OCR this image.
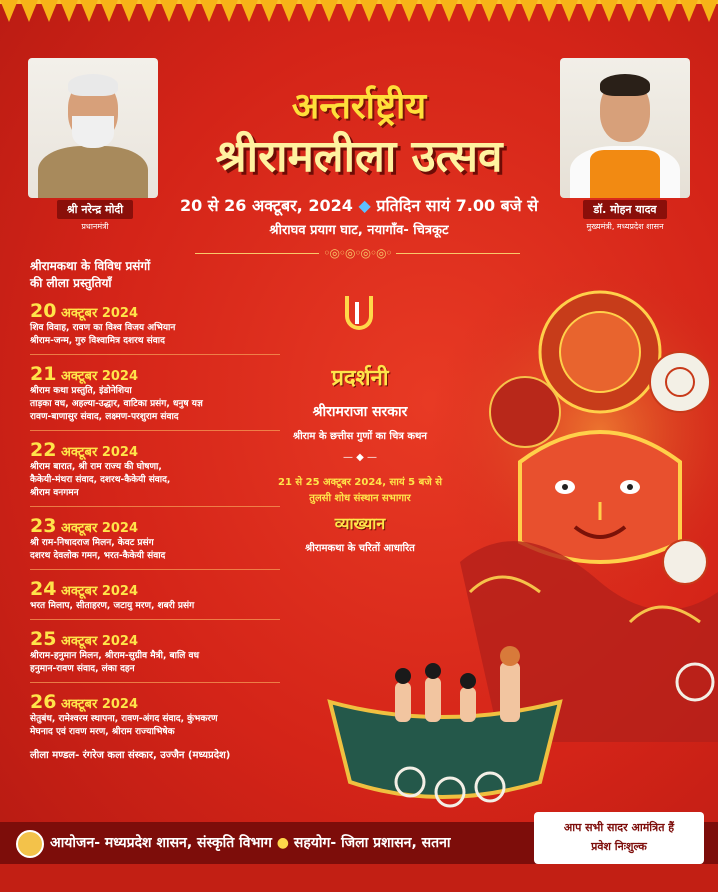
श्री नरेन्द्र मोदी
प्रधानमंत्री
डॉ. मोहन यादव
मुख्यमंत्री, मध्यप्रदेश शासन
अन्तर्राष्ट्रीय
श्रीरामलीला उत्सव
20 से 26 अक्टूबर, 2024 ◆ प्रतिदिन सायं 7.00 बजे से
श्रीराघव प्रयाग घाट, नयागाँव- चित्रकूट
◦◎◦◎◦◎◦◎◦
श्रीरामकथा के विविध प्रसंगों
की लीला प्रस्तुतियाँ
20 अक्टूबर 2024
शिव विवाह, रावण का विश्व विजय अभियान
श्रीराम-जन्म, गुरु विश्वामित्र दशरथ संवाद
21 अक्टूबर 2024
श्रीराम कथा प्रस्तुति, इंडोनेशिया
ताड़का वध, अहल्या-उद्धार, वाटिका प्रसंग, धनुष यज्ञ
रावण-बाणासुर संवाद, लक्ष्मण-परशुराम संवाद
22 अक्टूबर 2024
श्रीराम बारात, श्री राम राज्य की घोषणा,
कैकेयी-मंथरा संवाद, दशरथ-कैकेयी संवाद,
श्रीराम वनगमन
23 अक्टूबर 2024
श्री राम-निषादराज मिलन, केवट प्रसंग
दशरथ देवलोक गमन, भरत-कैकेयी संवाद
24 अक्टूबर 2024
भरत मिलाप, सीताहरण, जटायु मरण, शबरी प्रसंग
25 अक्टूबर 2024
श्रीराम-हनुमान मिलन, श्रीराम-सुग्रीव मैत्री, बालि वध
हनुमान-रावण संवाद, लंका दहन
26 अक्टूबर 2024
सेतुबंध, रामेश्वरम स्थापना, रावण-अंगद संवाद, कुंभकरण
मेघनाद एवं रावण मरण, श्रीराम राज्याभिषेक
लीला मण्डल- रंगरेज कला संस्कार, उज्जैन (मध्यप्रदेश)
प्रदर्शनी
श्रीरामराजा सरकार
श्रीराम के छत्तीस गुणों का चित्र कथन
— ◆ —
21 से 25 अक्टूबर 2024, सायं 5 बजे से
तुलसी शोध संस्थान सभागार
व्याख्यान
श्रीरामकथा के चरितों आधारित
आयोजन- मध्यप्रदेश शासन, संस्कृति विभाग ● सहयोग- जिला प्रशासन, सतना
आप सभी सादर आमंत्रित हैं
प्रवेश निःशुल्क
